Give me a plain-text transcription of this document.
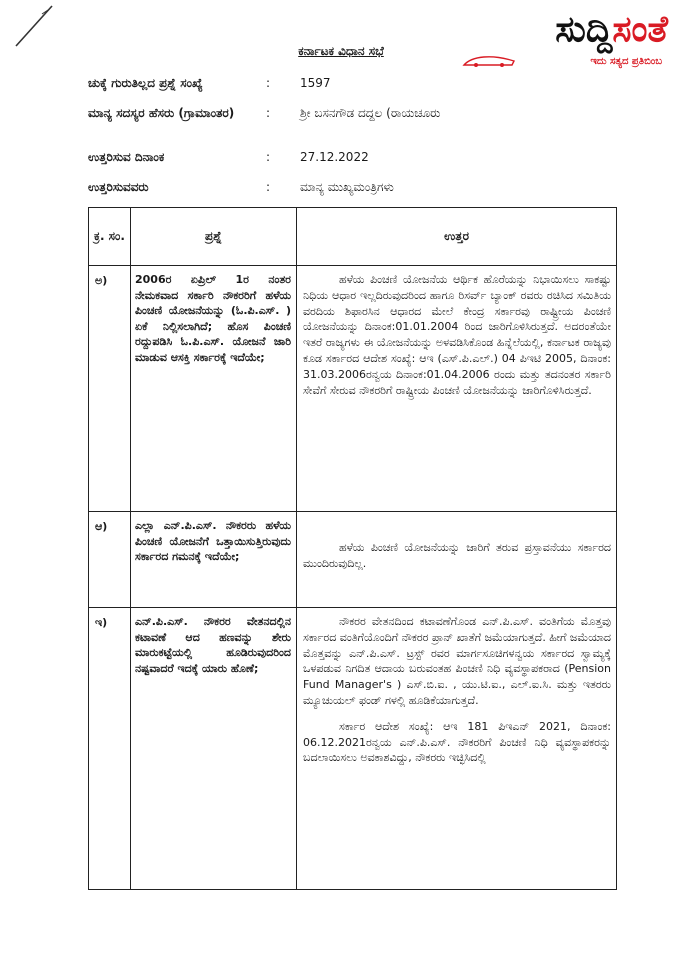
ಸುದ್ದಿಸಂತೆ
ಇದು ಸತ್ಯದ ಪ್ರತಿಬಿಂಬ
ಕರ್ನಾಟಕ ವಿಧಾನ ಸಭೆ
ಚುಕ್ಕೆ ಗುರುತಿಲ್ಲದ ಪ್ರಶ್ನೆ ಸಂಖ್ಯೆ	: 1597
ಮಾನ್ಯ ಸದಸ್ಯರ ಹೆಸರು (ಗ್ರಾಮಾಂತರ)	: ಶ್ರೀ ಬಸನಗೌಡ ದದ್ದಲ (ರಾಯಚೂರು
ಉತ್ತರಿಸುವ ದಿನಾಂಕ	: 27.12.2022
ಉತ್ತರಿಸುವವರು	: ಮಾನ್ಯ ಮುಖ್ಯಮಂತ್ರಿಗಳು
ಕ್ರ. ಸಂ.	ಪ್ರಶ್ನೆ	ಉತ್ತರ
ಅ)	2006ರ ಏಪ್ರಿಲ್ 1ರ ನಂತರ ನೇಮಕವಾದ ಸರ್ಕಾರಿ ನೌಕರರಿಗೆ ಹಳೆಯ ಪಿಂಚಣಿ ಯೋಜನೆಯನ್ನು (ಓ.ಪಿ.ಎಸ್. ) ಏಕೆ ನಿಲ್ಲಿಸಲಾಗಿದೆ; ಹೊಸ ಪಿಂಚಣಿ ರದ್ದುಪಡಿಸಿ ಓ.ಪಿ.ಎಸ್. ಯೋಜನೆ ಜಾರಿ ಮಾಡುವ ಆಸಕ್ತಿ ಸರ್ಕಾರಕ್ಕೆ ಇದೆಯೇ;	ಹಳೆಯ ಪಿಂಚಣಿ ಯೋಜನೆಯ ಆರ್ಥಿಕ ಹೊರೆಯನ್ನು ನಿಭಾಯಿಸಲು ಸಾಕಷ್ಟು ನಿಧಿಯ ಆಧಾರ ಇಲ್ಲದಿರುವುದರಿಂದ ಹಾಗೂ ರಿಸರ್ವ್ ಬ್ಯಾಂಕ್ ರವರು ರಚಿಸಿದ ಸಮಿತಿಯ ವರದಿಯ ಶಿಫಾರಸಿನ ಆಧಾರದ ಮೇಲೆ ಕೇಂದ್ರ ಸರ್ಕಾರವು ರಾಷ್ಟ್ರೀಯ ಪಿಂಚಣಿ ಯೋಜನೆಯನ್ನು ದಿನಾಂಕ:01.01.2004 ರಿಂದ ಜಾರಿಗೊಳಿಸಿರುತ್ತದೆ. ಅದರಂತೆಯೇ ಇತರೆ ರಾಜ್ಯಗಳು ಈ ಯೋಜನೆಯನ್ನು ಅಳವಡಿಸಿಕೊಂಡ ಹಿನ್ನೆಲೆಯಲ್ಲಿ, ಕರ್ನಾಟಕ ರಾಜ್ಯವು ಕೂಡ ಸರ್ಕಾರದ ಆದೇಶ ಸಂಖ್ಯೆ: ಆಇ (ಎಸ್.ಪಿ.ಎಲ್.) 04 ಪಿಇಟಿ 2005, ದಿನಾಂಕ: 31.03.2006ರನ್ವಯ ದಿನಾಂಕ:01.04.2006 ರಂದು ಮತ್ತು ತದನಂತರ ಸರ್ಕಾರಿ ಸೇವೆಗೆ ಸೇರುವ ನೌಕರರಿಗೆ ರಾಷ್ಟ್ರೀಯ ಪಿಂಚಣಿ ಯೋಜನೆಯನ್ನು ಜಾರಿಗೊಳಿಸಿರುತ್ತದೆ.

ಆ)	ಎಲ್ಲಾ ಎನ್.ಪಿ.ಎಸ್. ನೌಕರರು ಹಳೆಯ ಪಿಂಚಣಿ ಯೋಜನೆಗೆ ಒತ್ತಾಯಿಸುತ್ತಿರುವುದು ಸರ್ಕಾರದ ಗಮನಕ್ಕೆ ಇದೆಯೇ;	ಹಳೆಯ ಪಿಂಚಣಿ ಯೋಜನೆಯನ್ನು ಜಾರಿಗೆ ತರುವ ಪ್ರಸ್ತಾವನೆಯು ಸರ್ಕಾರದ ಮುಂದಿರುವುದಿಲ್ಲ.

ಇ)	ಎನ್.ಪಿ.ಎಸ್. ನೌಕರರ ವೇತನದಲ್ಲಿನ ಕಟಾವಣೆ ಆದ ಹಣವನ್ನು ಶೇರು ಮಾರುಕಟ್ಟೆಯಲ್ಲಿ ಹೂಡಿರುವುದರಿಂದ ನಷ್ಟವಾದರೆ ಇದಕ್ಕೆ ಯಾರು ಹೊಣೆ;	ನೌಕರರ ವೇತನದಿಂದ ಕಟಾವಣೆಗೊಂಡ ಎನ್.ಪಿ.ಎಸ್. ವಂತಿಗೆಯ ಮೊತ್ತವು ಸರ್ಕಾರದ ವಂತಿಗೆಯೊಂದಿಗೆ ನೌಕರರ ಪ್ರಾನ್ ಖಾತೆಗೆ ಜಮೆಯಾಗುತ್ತದೆ. ಹೀಗೆ ಜಮೆಯಾದ ಮೊತ್ತವನ್ನು ಎನ್.ಪಿ.ಎಸ್. ಟ್ರಸ್ಟ್ ರವರ ಮಾರ್ಗಸೂಚಿಗಳನ್ವಯ ಸರ್ಕಾರದ ಸ್ವಾಮ್ಯಕ್ಕೆ ಒಳಪಡುವ ನಿಗದಿತ ಆದಾಯ ಬರುವಂತಹ ಪಿಂಚಣಿ ನಿಧಿ ವ್ಯವಸ್ಥಾಪಕರಾದ (Pension Fund Manager's ) ಎಸ್.ಬಿ.ಐ. , ಯು.ಟಿ.ಐ., ಎಲ್.ಐ.ಸಿ. ಮತ್ತು ಇತರರು ಮ್ಯೂಚುಯಲ್ ಫಂಡ್ ಗಳಲ್ಲಿ ಹೂಡಿಕೆಯಾಗುತ್ತದೆ.

ಸರ್ಕಾರ ಆದೇಶ ಸಂಖ್ಯೆ: ಆಇ 181 ಪಿಇಎನ್ 2021, ದಿನಾಂಕ: 06.12.2021ರನ್ವಯ ಎನ್.ಪಿ.ಎಸ್. ನೌಕರರಿಗೆ ಪಿಂಚಣಿ ನಿಧಿ ವ್ಯವಸ್ಥಾಪಕರನ್ನು ಬದಲಾಯಿಸಲು ಅವಕಾಶವಿದ್ದು, ನೌಕರರು ಇಚ್ಛಿಸಿದಲ್ಲಿ
